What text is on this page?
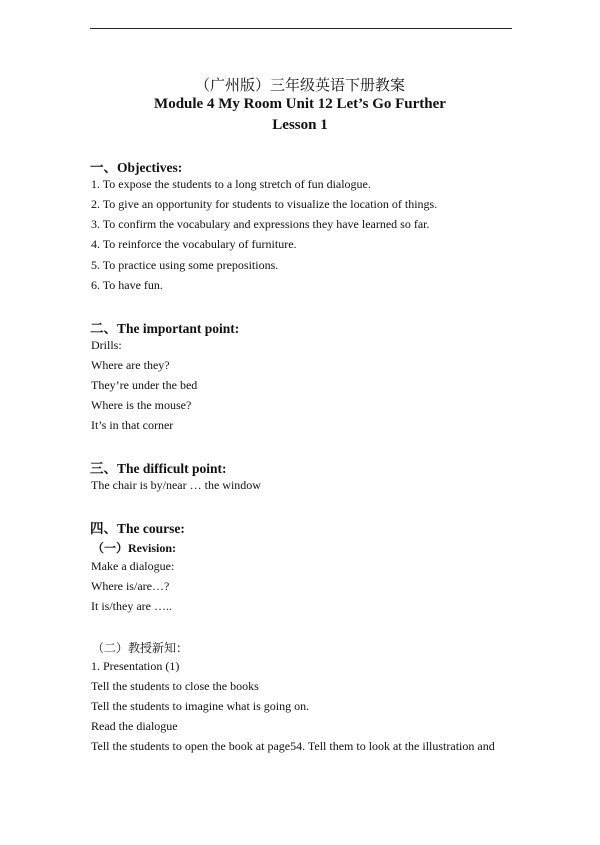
（广州版）三年级英语下册教案
Module 4 My Room Unit 12 Let’s Go Further
Lesson 1
一、Objectives:
1. To expose the students to a long stretch of fun dialogue.
2. To give an opportunity for students to visualize the location of things.
3. To confirm the vocabulary and expressions they have learned so far.
4. To reinforce the vocabulary of furniture.
5. To practice using some prepositions.
6. To have fun.
二、The important point:
Drills:
Where are they?
They’re under the bed
Where is the mouse?
It’s in that corner
三、The difficult point:
The chair is by/near … the window
四、The course:
（一）Revision:
Make a dialogue:
Where is/are…?
It is/they are …..
（二）教授新知：
1. Presentation (1)
Tell the students to close the books
Tell the students to imagine what is going on.
Read the dialogue
Tell the students to open the book at page54. Tell them to look at the illustration and
